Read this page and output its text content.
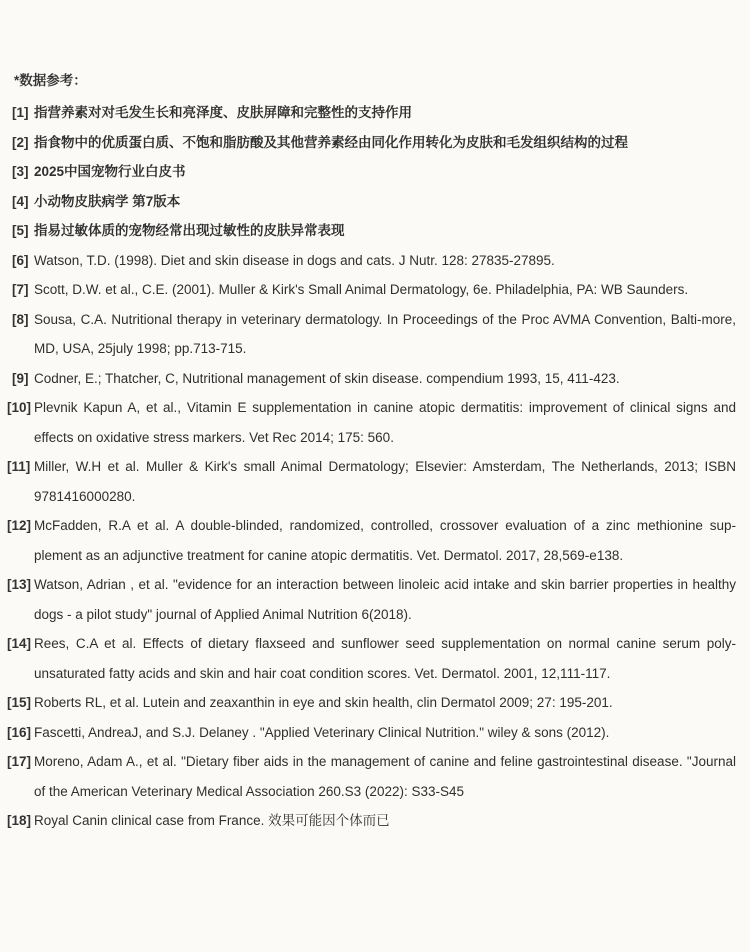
*数据参考：
[1] 指营养素对对毛发生长和亮泽度、皮肤屏障和完整性的支持作用
[2] 指食物中的优质蛋白质、不饱和脂肪酸及其他营养素经由同化作用转化为皮肤和毛发组织结构的过程
[3] 2025中国宠物行业白皮书
[4] 小动物皮肤病学 第7版本
[5] 指易过敏体质的宠物经常出现过敏性的皮肤异常表现
[6] Watson, T.D. (1998). Diet and skin disease in dogs and cats. J Nutr. 128: 27835-27895.
[7] Scott, D.W. et al., C.E. (2001). Muller & Kirk's Small Animal Dermatology, 6e. Philadelphia, PA: WB Saunders.
[8] Sousa, C.A. Nutritional therapy in veterinary dermatology. In Proceedings of the Proc AVMA Convention, Balti-more, MD, USA, 25july 1998; pp.713-715.
[9] Codner, E.; Thatcher, C, Nutritional management of skin disease. compendium 1993, 15, 411-423.
[10] Plevnik Kapun A, et al., Vitamin E supplementation in canine atopic dermatitis: improvement of clinical signs and effects on oxidative stress markers. Vet Rec 2014; 175: 560.
[11] Miller, W.H et al. Muller & Kirk's small Animal Dermatology; Elsevier: Amsterdam, The Netherlands, 2013; ISBN 9781416000280.
[12] McFadden, R.A et al. A double-blinded, randomized, controlled, crossover evaluation of a zinc methionine sup-plement as an adjunctive treatment for canine atopic dermatitis. Vet. Dermatol. 2017, 28,569-e138.
[13] Watson, Adrian , et al. "evidence for an interaction between linoleic acid intake and skin barrier properties in healthy dogs - a pilot study" journal of Applied Animal Nutrition 6(2018).
[14] Rees, C.A et al. Effects of dietary flaxseed and sunflower seed supplementation on normal canine serum poly-unsaturated fatty acids and skin and hair coat condition scores. Vet. Dermatol. 2001, 12,111-117.
[15] Roberts RL, et al. Lutein and zeaxanthin in eye and skin health, clin Dermatol 2009; 27: 195-201.
[16] Fascetti, AndreaJ, and S.J. Delaney . "Applied Veterinary Clinical Nutrition." wiley & sons (2012).
[17] Moreno, Adam A., et al. "Dietary fiber aids in the management of canine and feline gastrointestinal disease. "Journal of the American Veterinary Medical Association 260.S3 (2022): S33-S45
[18] Royal Canin clinical case from France. 效果可能因个体而已
